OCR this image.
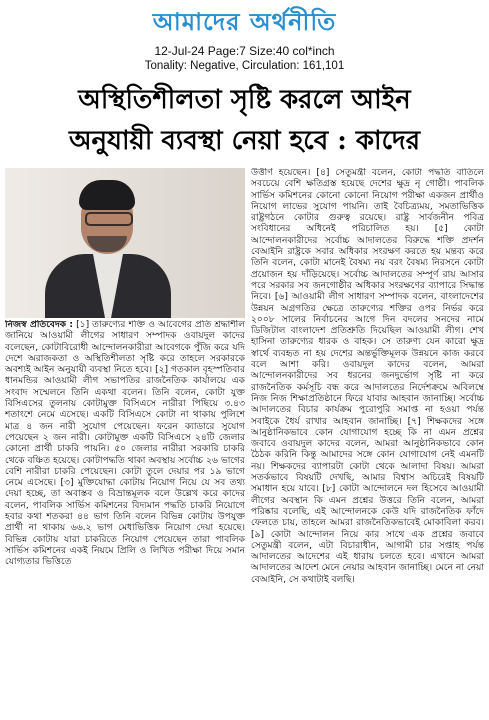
আমাদের অর্থনীতি
12-Jul-24 Page:7 Size:40 col*inch
Tonality: Negative, Circulation: 161,101
অস্থিতিশীলতা সৃষ্টি করলে আইন
অনুযায়ী ব্যবস্থা নেয়া হবে : কাদের

উত্তীর্ণ হয়েছেন। [৪] সেতুমন্ত্রী বলেন, কোটা পদ্ধতি বাতিলে সবচেয়ে বেশি ক্ষতিগ্রস্ত হয়েছে দেশের ক্ষুদ্র নৃ গোষ্ঠী। পাবলিক সার্ভিস কমিশনের কোনো কোনো নিয়োগ পরীক্ষা একজন প্রার্থীও নিয়োগ লাভের সুযোগ পায়নি। তাই বৈচিত্র্যময়, সমতাভিত্তিক রাষ্ট্রগঠনে কোটার গুরুত্ব রয়েছে। রাষ্ট্র সার্বজনীন পবিত্র সংবিধানের অধিনেই পরিচালিত হয়। [৫] কোটা আন্দোলনকারীদের সর্বোচ্চ আদালতের বিরুদ্ধে শক্তি প্রদর্শন বেআইনি রাষ্ট্রকে সবার অধিকার সংরক্ষণ করতে হয় মন্তব্য করে তিনি বলেন, কোটা মানেই বৈষম্য নয় বরং বৈষম্য নিরসনে কোটা প্রয়োজন হয় দাঁড়িয়েছে। সর্বোচ্চ আদালতের সম্পূর্ণ রায় আসার পরে সরকার সব জনগোষ্ঠীর অধিকার সংরক্ষণের ব্যাপারে সিদ্ধান্ত নিবে। [৬] আওয়ামী লীগ সাধারণ সম্পাদক বলেন, বাংলাদেশের উন্নয়ন অগ্রগতির ক্ষেত্রে তারুণ্যের শক্তির ওপর নির্ভর করে ২০০৮ সালের নির্বাচনের আগে দিন বদলের সনদের নামে ডিজিটাল বাংলাদেশ প্রতিশ্রুতি দিয়েছিল আওয়ামী লীগ। শেখ হাসিনা তারুণ্যের ধারক ও বাহক। সে তারুণ্য যেন কারো ক্ষুদ্র স্বার্থে ব্যবহৃত না হয় দেশের অন্তর্ভুক্তিমূলক উন্নয়নে কাজ করবে বলে আশা করি। ওবায়দুল কাদের বলেন, আমরা আন্দোলনকারীদের সব ধরনের জনদুর্ভোগ সৃষ্টি না করে রাজনৈতিক কর্মসূচি বন্ধ করে আদালতের নির্দেশক্রমে অবিলম্বে নিজ নিজ শিক্ষাপ্রতিষ্ঠানে ফিরে যাবার আহবান জানাচ্ছি। সর্বোচ্চ আদালতের বিচার কার্যক্রম পুরোপুরি সমাপ্ত না হওয়া পর্যন্ত সবাইকে ধৈর্য রাখার আহবান জানাচ্ছি। [৭] শিক্ষকদের সঙ্গে আনুষ্ঠানিকভাবে কোন যোগাযোগ হচ্ছে কি না এমন প্রশ্নের জবাবে ওবায়দুল কাদের বলেন, আমরা আনুষ্ঠানিকভাবে কোন ঠৈঠক করিনি কিন্তু আমাদের সঙ্গে কোন যোগাযোগ নেই এমনটি নয়। শিক্ষকদের ব্যাপারটা কোটা থেকে আলাদা বিষয়। আমরা সতর্কভাবে বিষয়টি দেখছি, আমার বিশ্বাস অচিরেই বিষয়টি সমাধান হয়ে যাবে। [৮] কোটা আন্দোলনে দল হিসেবে আওয়ামী লীগের অবস্থান কি এমন প্রশ্নের উত্তরে তিনি বলেন, আমরা পরিষ্কার বলেছি, এই আন্দোলনকে কেউ যদি রাজনৈতিক ফাঁদে ফেলতে চায়, তাহলে আমরা রাজনৈতিকভাবেই মোকাবিলা করব। [৯] কোটা আন্দোলন নিয়ে কার সাথে এক প্রশ্নের জবাবে সেতুমন্ত্রী বলেন, এটা বিচারাধীন, আগামী চার সপ্তাহ পর্যন্ত আদালতের আদেশের এই ধারায় চলতে হবে। এখানে আমরা আদালতের আদেশ মেনে নেয়ার আহবান জানাচ্ছি। মেনে না নেয়া বেআইনি, সে কথাটাই বলছি।

নিজস্ব প্রতিবেদক : [১] তারুণ্যের শক্তি ও আবেগের প্রতি শ্রদ্ধাশীল জানিয়ে আওয়ামী লীগের সাধারণ সম্পাদক ওবায়দুল কাদের বলেছেন, কোটাবিরোধী আন্দোলনকারীরা আবেগকে পুঁজি করে যদি দেশে অরাজকতা ও অস্থিতিশীলতা সৃষ্টি করে তাহলে সরকারকে অবশ্যই আইন অনুযায়ী ব্যবস্থা নিতে হবে। [২] গতকাল বৃহস্পতিবার ধানমন্ডির আওয়ামী লীগ সভাপতির রাজনৈতিক কার্যালয়ে এক সংবাদ সম্মেলনে তিনি একথা বলেন। তিনি বলেন, কোটা যুক্ত বিসিএসের তুলনায় কোটামুক্ত বিসিএসে নারীরা পিছিয়ে ৩.৪৩ শতাংশে নেমে এসেছে। একটি বিসিএসে কোটা না থাকায় পুলিশে মাত্র ৪ জন নারী সুযোগ পেয়েছেন। ফরেন ক্যাডারে সুযোগ পেয়েছেন ২ জন নারী। কোটামুক্ত একটি বিসিএসে ২৪টি জেলার কোনো প্রার্থী চাকরি পায়নি। ৫০ জেলার নারীরা সরকারি চাকরি থেকে বঞ্চিত হয়েছে। কোটাপদ্ধতি থাকা অবস্থায় সর্বোচ্চ ২৬ ভাগের বেশি নারীরা চাকরি পেয়েছেন। কোটা তুলে দেয়ার পর ১৯ ভাগে নেমে এসেছে। [৩] মুক্তিযোদ্ধা কোটায় নিয়োগ নিয়ে যে সব তথ্য দেয়া হচ্ছে, তা অবাস্তব ও বিভ্রান্তমূলক বলে উল্লেখ করে কাদের বলেন, পাবলিক সার্ভিস কমিশনের বিদ্যমান পদ্ধতি চাকরি নিয়োগে হবার কথা শতকরা ৪৪ ভাগ তিনি বলেন বিভিন্ন কোটায় উপযুক্ত প্রার্থী না থাকায় ৬৬.২ ভাগ মেধাভিত্তিক নিয়োগ দেয়া হয়েছে। বিভিন্ন কোটায় যারা চাকরিতে নিয়োগ পেয়েছেন তারা পাবলিক সার্ভিস কমিশনের একই নিয়মে প্রিলি ও লিখিত পরীক্ষা দিয়ে সমান যোগ্যতার ভিত্তিতে
